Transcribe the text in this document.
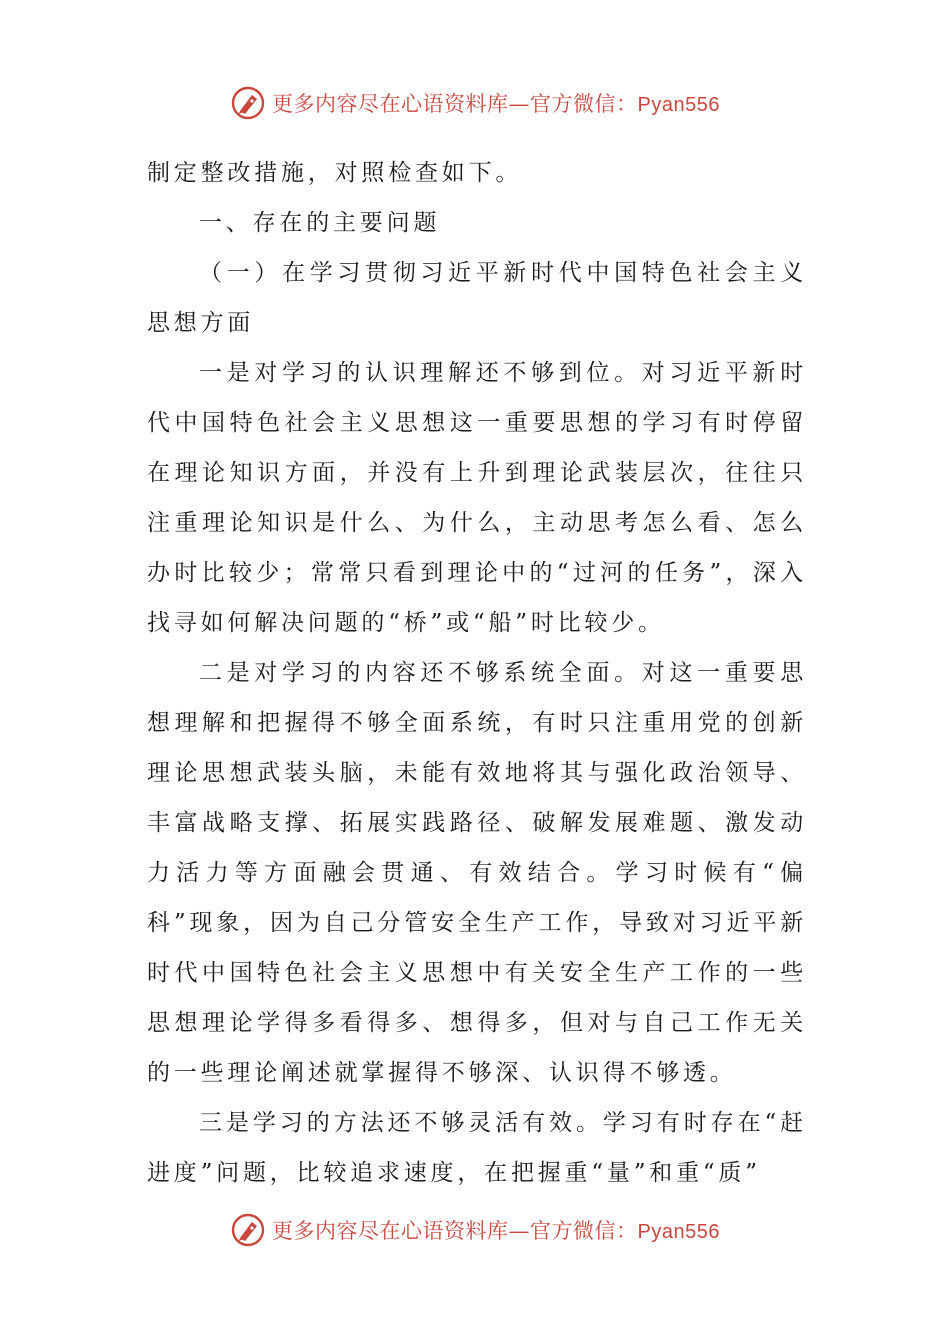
更多内容尽在心语资料库—官方微信：Pyan556

制定整改措施，对照检查如下。

一、存在的主要问题

（一）在学习贯彻习近平新时代中国特色社会主义思想方面

一是对学习的认识理解还不够到位。对习近平新时代中国特色社会主义思想这一重要思想的学习有时停留在理论知识方面，并没有上升到理论武装层次，往往只注重理论知识是什么、为什么，主动思考怎么看、怎么办时比较少；常常只看到理论中的“过河的任务”，深入找寻如何解决问题的“桥”或“船”时比较少。

二是对学习的内容还不够系统全面。对这一重要思想理解和把握得不够全面系统，有时只注重用党的创新理论思想武装头脑，未能有效地将其与强化政治领导、丰富战略支撑、拓展实践路径、破解发展难题、激发动力活力等方面融会贯通、有效结合。学习时候有“偏科”现象，因为自己分管安全生产工作，导致对习近平新时代中国特色社会主义思想中有关安全生产工作的一些思想理论学得多看得多、想得多，但对与自己工作无关的一些理论阐述就掌握得不够深、认识得不够透。

三是学习的方法还不够灵活有效。学习有时存在“赶进度”问题，比较追求速度，在把握重“量”和重“质”

更多内容尽在心语资料库—官方微信：Pyan556
